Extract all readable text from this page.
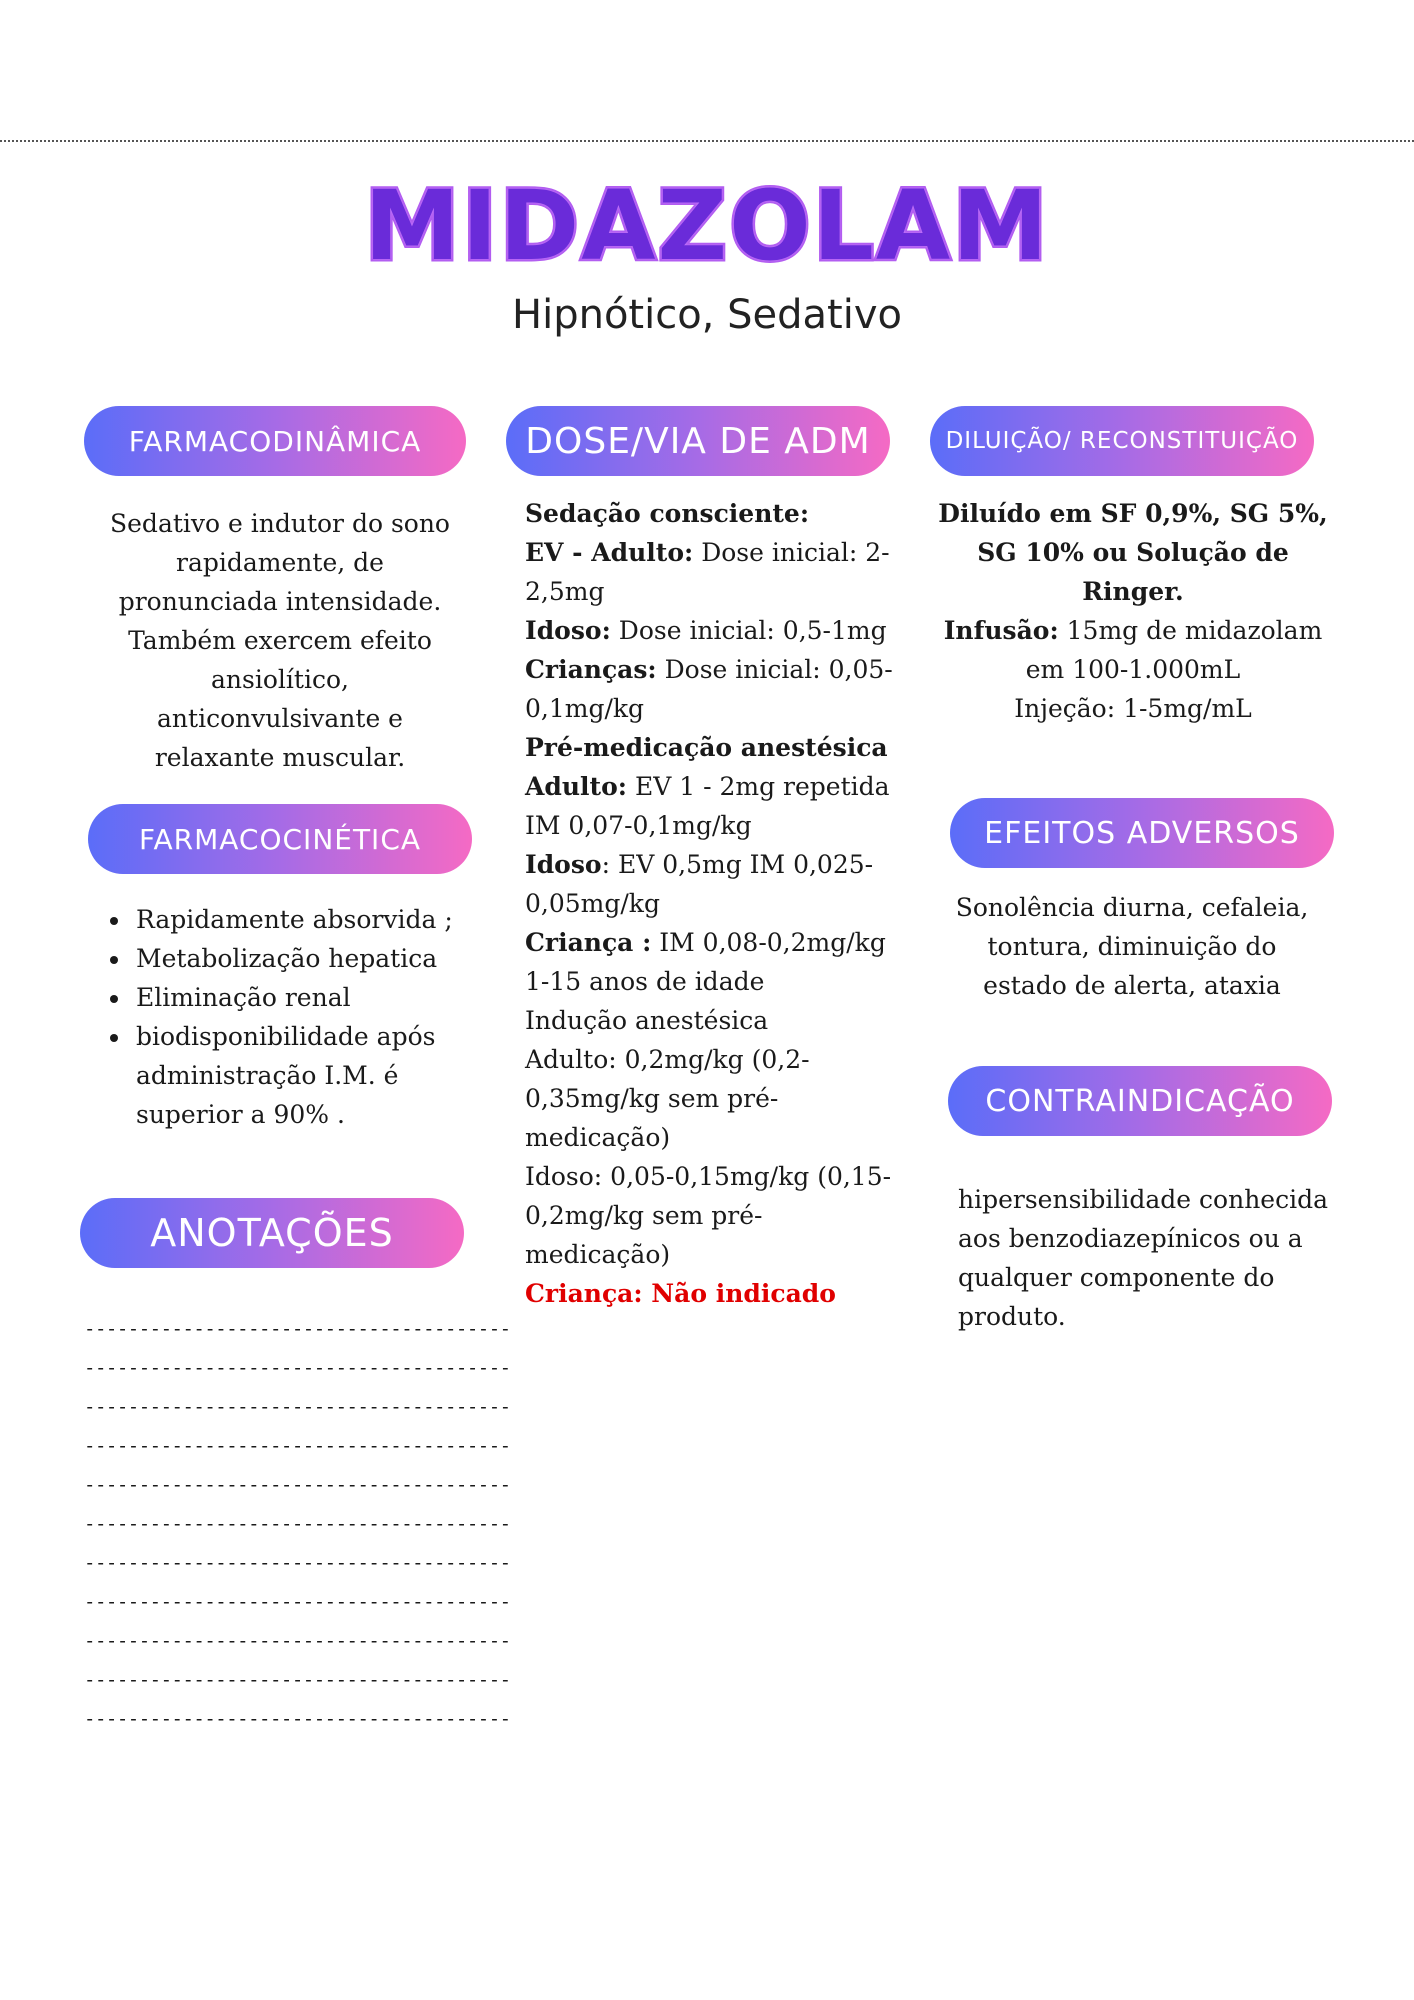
MIDAZOLAM
Hipnótico, Sedativo
FARMACODINÂMICA
Sedativo e indutor do sono
rapidamente, de
pronunciada intensidade.
Também exercem efeito
ansiolítico,
anticonvulsivante e
relaxante muscular.
FARMACOCINÉTICA
• Rapidamente absorvida ;
• Metabolização hepatica
• Eliminação renal
• biodisponibilidade após administração I.M. é superior a 90% .
ANOTAÇÕES
---------------------------------------
---------------------------------------
---------------------------------------
---------------------------------------
---------------------------------------
---------------------------------------
---------------------------------------
---------------------------------------
---------------------------------------
---------------------------------------
---------------------------------------
DOSE/VIA DE ADM
Sedação consciente:
EV - Adulto: Dose inicial: 2-2,5mg
Idoso: Dose inicial: 0,5-1mg
Crianças: Dose inicial: 0,05-0,1mg/kg
Pré-medicação anestésica
Adulto: EV 1 - 2mg repetida IM 0,07-0,1mg/kg
Idoso: EV 0,5mg IM 0,025-0,05mg/kg
Criança : IM 0,08-0,2mg/kg 1-15 anos de idade
Indução anestésica
Adulto: 0,2mg/kg (0,2-0,35mg/kg sem pré-medicação)
Idoso: 0,05-0,15mg/kg (0,15-0,2mg/kg sem pré-medicação)
Criança: Não indicado
DILUIÇÃO/ RECONSTITUIÇÃO
Diluído em SF 0,9%, SG 5%, SG 10% ou Solução de Ringer.
Infusão: 15mg de midazolam em 100-1.000mL
Injeção: 1-5mg/mL
EFEITOS ADVERSOS
Sonolência diurna, cefaleia, tontura, diminuição do estado de alerta, ataxia
CONTRAINDICAÇÃO
hipersensibilidade conhecida aos benzodiazepínicos ou a qualquer componente do produto.
